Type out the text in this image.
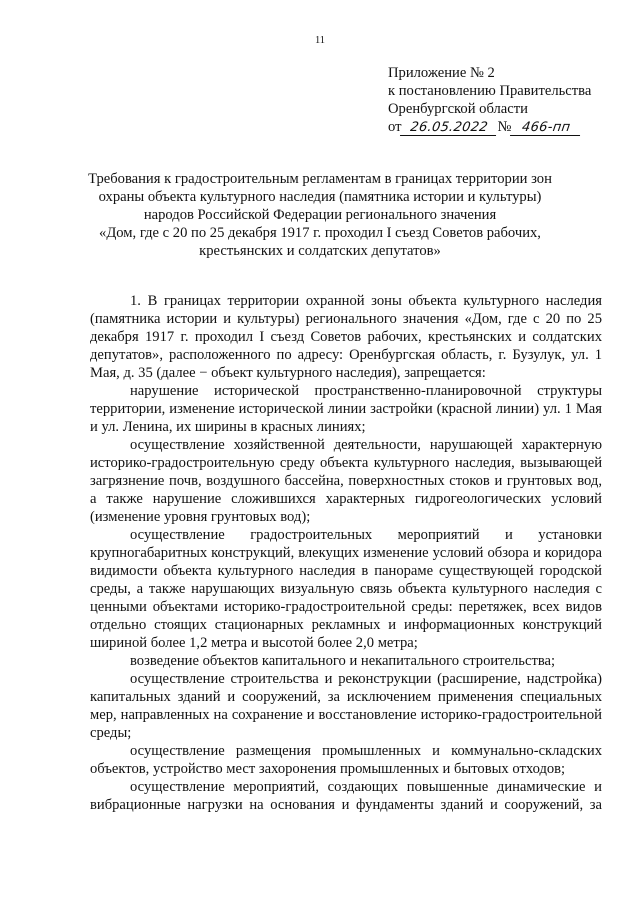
11
Приложение № 2
к постановлению Правительства
Оренбургской области
от 26.05.2022 № 466-пп
Требования к градостроительным регламентам в границах территории зон
охраны объекта культурного наследия (памятника истории и культуры)
народов Российской Федерации регионального значения
«Дом, где с 20 по 25 декабря 1917 г. проходил I съезд Советов рабочих,
крестьянских и солдатских депутатов»

1. В границах территории охранной зоны объекта культурного наследия (памятника истории и культуры) регионального значения «Дом, где с 20 по 25 декабря 1917 г. проходил I съезд Советов рабочих, крестьянских и солдатских депутатов», расположенного по адресу: Оренбургская область, г. Бузулук, ул. 1 Мая, д. 35 (далее − объект культурного наследия), запрещается:

нарушение исторической пространственно-планировочной структуры территории, изменение исторической линии застройки (красной линии) ул. 1 Мая и ул. Ленина, их ширины в красных линиях;

осуществление хозяйственной деятельности, нарушающей характерную историко-градостроительную среду объекта культурного наследия, вызывающей загрязнение почв, воздушного бассейна, поверхностных стоков и грунтовых вод, а также нарушение сложившихся характерных гидрогеологических условий (изменение уровня грунтовых вод);

осуществление градостроительных мероприятий и установки крупногабаритных конструкций, влекущих изменение условий обзора и коридора видимости объекта культурного наследия в панораме существующей городской среды, а также нарушающих визуальную связь объекта культурного наследия с ценными объектами историко-градостроительной среды: перетяжек, всех видов отдельно стоящих стационарных рекламных и информационных конструкций шириной более 1,2 метра и высотой более 2,0 метра;

возведение объектов капитального и некапитального строительства;

осуществление строительства и реконструкции (расширение, надстройка) капитальных зданий и сооружений, за исключением применения специальных мер, направленных на сохранение и восстановление историко-градостроительной среды;

осуществление размещения промышленных и коммунально-складских объектов, устройство мест захоронения промышленных и бытовых отходов;

осуществление мероприятий, создающих повышенные динамические и вибрационные нагрузки на основания и фундаменты зданий и сооружений, за
